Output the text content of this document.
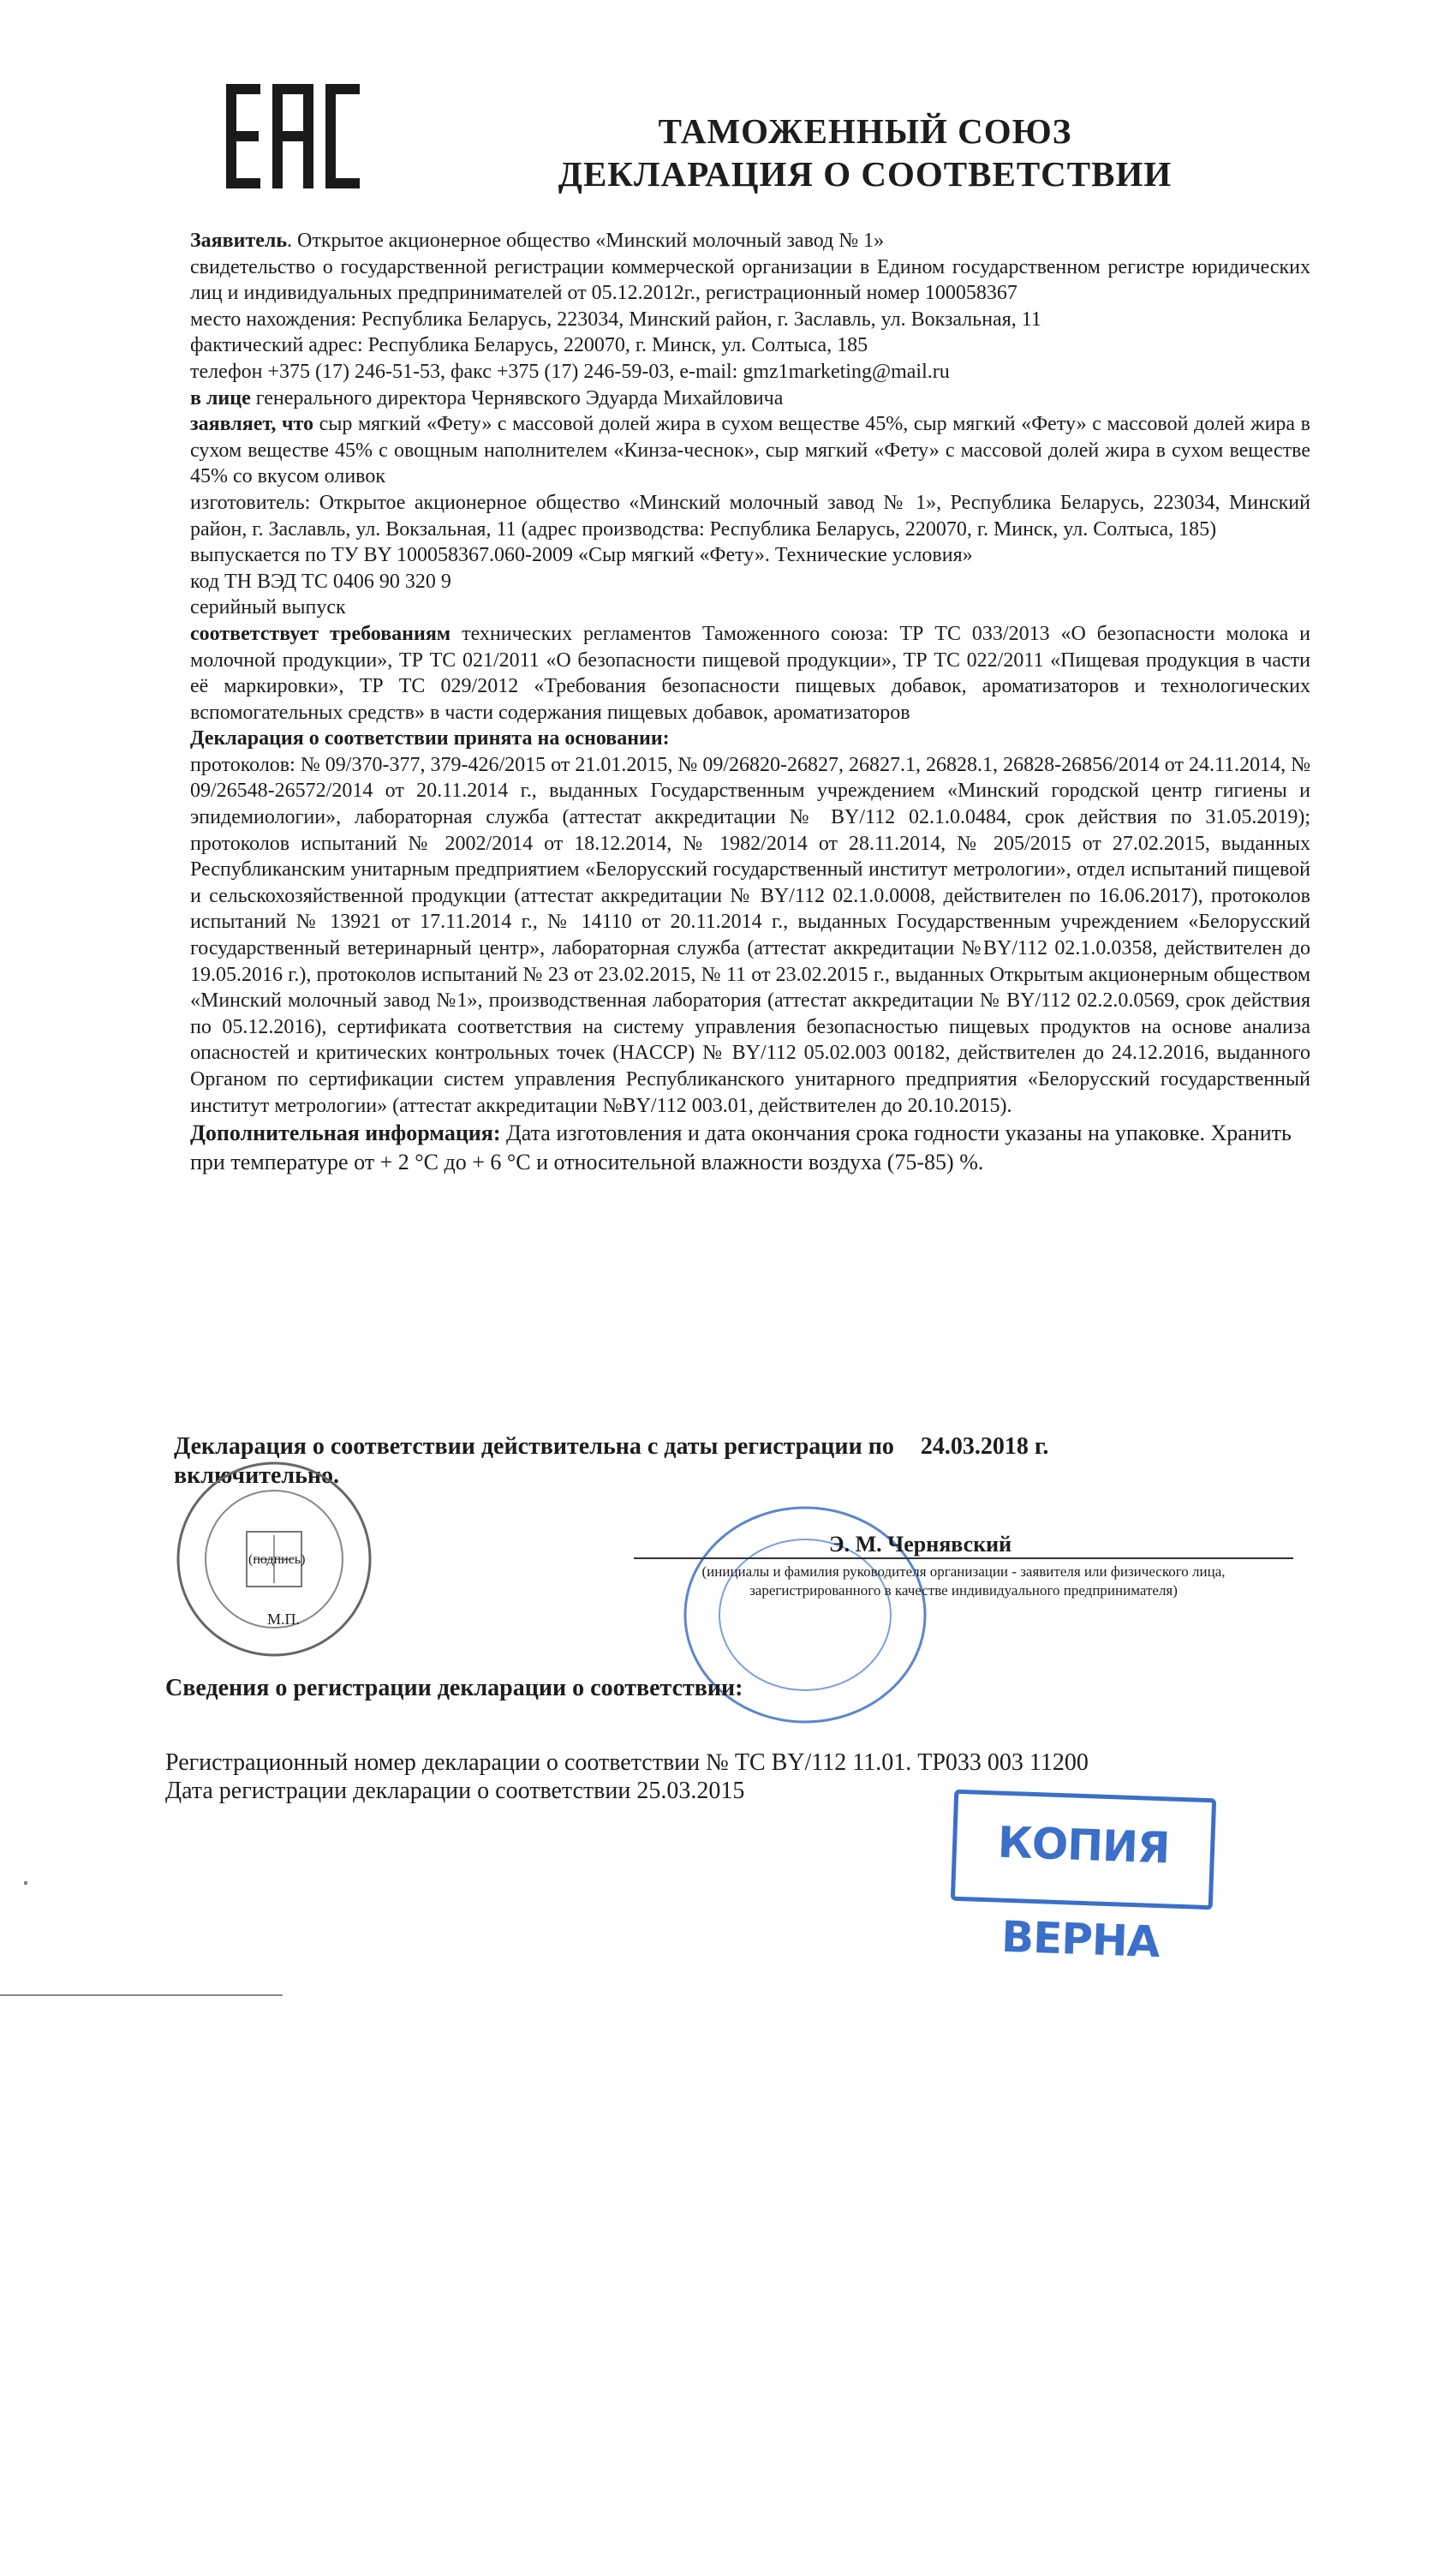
ТАМОЖЕННЫЙ СОЮЗ
ДЕКЛАРАЦИЯ О СООТВЕТСТВИИ

Заявитель. Открытое акционерное общество «Минский молочный завод № 1»

свидетельство о государственной регистрации коммерческой организации в Едином государственном регистре юридических лиц и индивидуальных предпринимателей от 05.12.2012г., регистрационный номер 100058367

место нахождения: Республика Беларусь, 223034, Минский район, г. Заславль, ул. Вокзальная, 11

фактический адрес: Республика Беларусь, 220070, г. Минск, ул. Солтыса, 185

телефон +375 (17) 246-51-53, факс +375 (17) 246-59-03, e-mail: gmz1marketing@mail.ru

в лице генерального директора Чернявского Эдуарда Михайловича

заявляет, что сыр мягкий «Фету» с массовой долей жира в сухом веществе 45%, сыр мягкий «Фету» с массовой долей жира в сухом веществе 45% с овощным наполнителем «Кинза-чеснок», сыр мягкий «Фету» с массовой долей жира в сухом веществе 45% со вкусом оливок

изготовитель: Открытое акционерное общество «Минский молочный завод № 1», Республика Беларусь, 223034, Минский район, г. Заславль, ул. Вокзальная, 11 (адрес производства: Республика Беларусь, 220070, г. Минск, ул. Солтыса, 185)

выпускается по ТУ BY 100058367.060-2009 «Сыр мягкий «Фету». Технические условия»

код ТН ВЭД ТС 0406 90 320 9

серийный выпуск

соответствует требованиям технических регламентов Таможенного союза: ТР ТС 033/2013 «О безопасности молока и молочной продукции», ТР ТС 021/2011 «О безопасности пищевой продукции», ТР ТС 022/2011 «Пищевая продукция в части её маркировки», ТР ТС 029/2012 «Требования безопасности пищевых добавок, ароматизаторов и технологических вспомогательных средств» в части содержания пищевых добавок, ароматизаторов

Декларация о соответствии принята на основании:

протоколов: № 09/370-377, 379-426/2015 от 21.01.2015, № 09/26820-26827, 26827.1, 26828.1, 26828-26856/2014 от 24.11.2014, № 09/26548-26572/2014 от 20.11.2014 г., выданных Государственным учреждением «Минский городской центр гигиены и эпидемиологии», лабораторная служба (аттестат аккредитации № BY/112 02.1.0.0484, срок действия по 31.05.2019); протоколов испытаний № 2002/2014 от 18.12.2014, № 1982/2014 от 28.11.2014, № 205/2015 от 27.02.2015, выданных Республиканским унитарным предприятием «Белорусский государственный институт метрологии», отдел испытаний пищевой и сельскохозяйственной продукции (аттестат аккредитации № BY/112 02.1.0.0008, действителен по 16.06.2017), протоколов испытаний № 13921 от 17.11.2014 г., № 14110 от 20.11.2014 г., выданных Государственным учреждением «Белорусский государственный ветеринарный центр», лабораторная служба (аттестат аккредитации №BY/112 02.1.0.0358, действителен до 19.05.2016 г.), протоколов испытаний № 23 от 23.02.2015, № 11 от 23.02.2015 г., выданных Открытым акционерным обществом «Минский молочный завод №1», производственная лаборатория (аттестат аккредитации № BY/112 02.2.0.0569, срок действия по 05.12.2016), сертификата соответствия на систему управления безопасностью пищевых продуктов на основе анализа опасностей и критических контрольных точек (HACCP) № BY/112 05.02.003 00182, действителен до 24.12.2016, выданного Органом по сертификации систем управления Республиканского унитарного предприятия «Белорусский государственный институт метрологии» (аттестат аккредитации №BY/112 003.01, действителен до 20.10.2015).

Дополнительная информация: Дата изготовления и дата окончания срока годности указаны на упаковке. Хранить при температуре от + 2 °С до + 6 °С и относительной влажности воздуха (75-85) %.

Декларация о соответствии действительна с даты регистрации по 24.03.2018 г.
включительно.
(подпись)
М.П.
Э. М. Чернявский
(инициалы и фамилия руководителя организации - заявителя или физического лица, зарегистрированного в качестве индивидуального предпринимателя)
Сведения о регистрации декларации о соответствии:
Регистрационный номер декларации о соответствии № ТС BY/112 11.01. ТР033 003 11200
Дата регистрации декларации о соответствии 25.03.2015
КОПИЯ ВЕРНА
